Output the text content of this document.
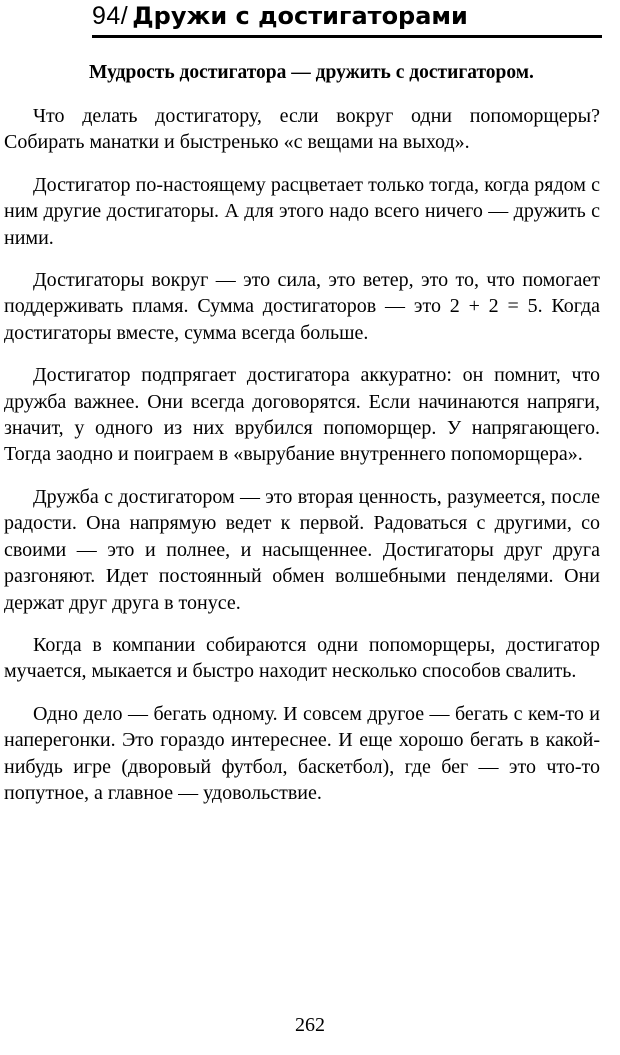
94/ Дружи с достигаторами

Мудрость достигатора — дружить с достигатором.

Что делать достигатору, если вокруг одни попоморщеры? Собирать манатки и быстренько «с вещами на выход».

Достигатор по-настоящему расцветает только тогда, когда рядом с ним другие достигаторы. А для этого надо всего ничего — дружить с ними.

Достигаторы вокруг — это сила, это ветер, это то, что помогает поддерживать пламя. Сумма достигаторов — это 2 + 2 = 5. Когда достигаторы вместе, сумма всегда больше.

Достигатор подпрягает достигатора аккуратно: он помнит, что дружба важнее. Они всегда договорятся. Если начинаются напряги, значит, у одного из них врубился попоморщер. У напрягающего. Тогда заодно и поиграем в «вырубание внутреннего попоморщера».

Дружба с достигатором — это вторая ценность, разумеется, после радости. Она напрямую ведет к первой. Радоваться с другими, со своими — это и полнее, и насыщеннее. Достигаторы друг друга разгоняют. Идет постоянный обмен волшебными пенделями. Они держат друг друга в тонусе.

Когда в компании собираются одни попоморщеры, достигатор мучается, мыкается и быстро находит несколько способов свалить.

Одно дело — бегать одному. И совсем другое — бегать с кем-то и наперегонки. Это гораздо интереснее. И еще хорошо бегать в какой-нибудь игре (дворовый футбол, баскетбол), где бег — это что-то попутное, а главное — удовольствие.

262
